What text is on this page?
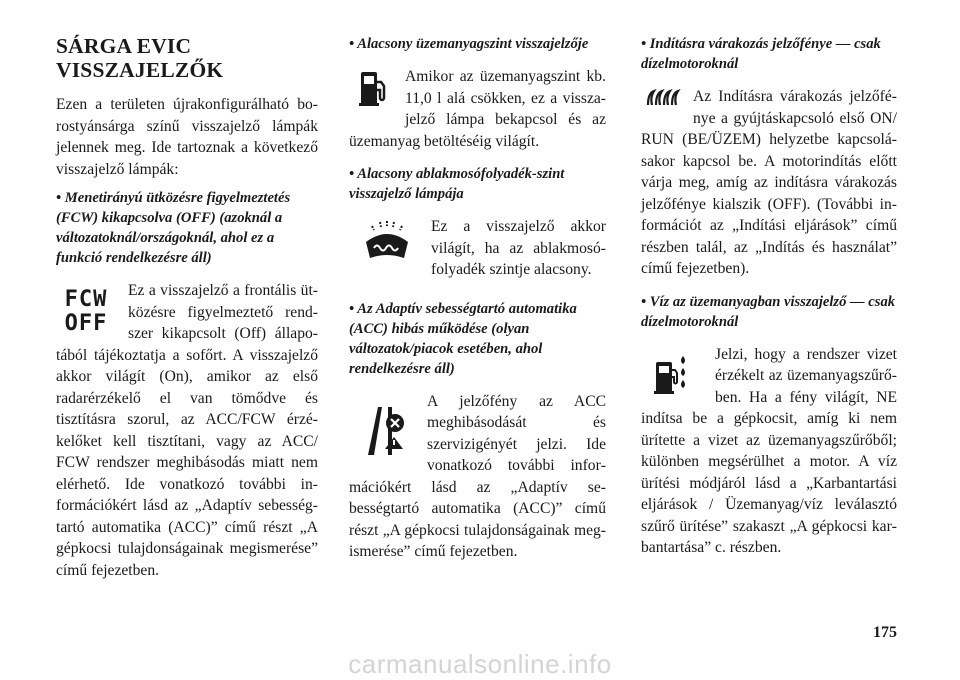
SÁRGA EVIC
VISSZAJELZŐK

Ezen a területen újrakonfigurálható borostyánsárga színű visszajelző lámpák jelennek meg. Ide tartoznak a következő visszajelző lámpák:

• Menetirányú ütközésre figyelmeztetés (FCW) kikapcsolva (OFF) (azoknál a változatoknál/országoknál, ahol ez a funkció rendelkezésre áll)

FCW
OFF

Ez a visszajelző a frontális ütközésre figyelmeztető rendszer kikapcsolt (Off) állapotából tájékoztatja a sofőrt. A visszajelző akkor világít (On), amikor az első radarérzékelő el van tömődve és tisztításra szorul, az ACC/FCW érzékelőket kell tisztítani, vagy az ACC/ FCW rendszer meghibásodás miatt nem elérhető. Ide vonatkozó további információkért lásd az „Adaptív sebességtartó automatika (ACC)” című részt „A gépkocsi tulajdonságainak megismerése” című fejezetben.

• Alacsony üzemanyagszint visszajelzője

Amikor az üzemanyagszint kb. 11,0 l alá csökken, ez a visszajelző lámpa bekapcsol és az üzemanyag betöltéséig világít.

• Alacsony ablakmosófolyadék-szint visszajelző lámpája

Ez a visszajelző akkor világít, ha az ablakmosó-folyadék szintje alacsony.

• Az Adaptív sebességtartó automatika (ACC) hibás működése (olyan változatok/piacok esetében, ahol rendelkezésre áll)

A jelzőfény az ACC meghibásodását és szervizigényét jelzi. Ide vonatkozó további információkért lásd az „Adaptív sebességtartó automatika (ACC)” című részt „A gépkocsi tulajdonságainak megismerése” című fejezetben.

• Indításra várakozás jelzőfénye — csak dízelmotoroknál

Az Indításra várakozás jelzőfénye a gyújtáskapcsoló első ON/ RUN (BE/ÜZEM) helyzetbe kapcsolásakor kapcsol be. A motorindítás előtt várja meg, amíg az indításra várakozás jelzőfénye kialszik (OFF). (További információt az „Indítási eljárások” című részben talál, az „Indítás és használat” című fejezetben).

• Víz az üzemanyagban visszajelző — csak dízelmotoroknál

Jelzi, hogy a rendszer vizet érzékelt az üzemanyagszűrőben. Ha a fény világít, NE indítsa be a gépkocsit, amíg ki nem ürítette a vizet az üzemanyagszűrőből; különben megsérülhet a motor. A víz ürítési módjáról lásd a „Karbantartási eljárások / Üzemanyag/víz leválasztó szűrő ürítése” szakaszt „A gépkocsi karbantartása” c. részben.

175
carmanualsonline.info
